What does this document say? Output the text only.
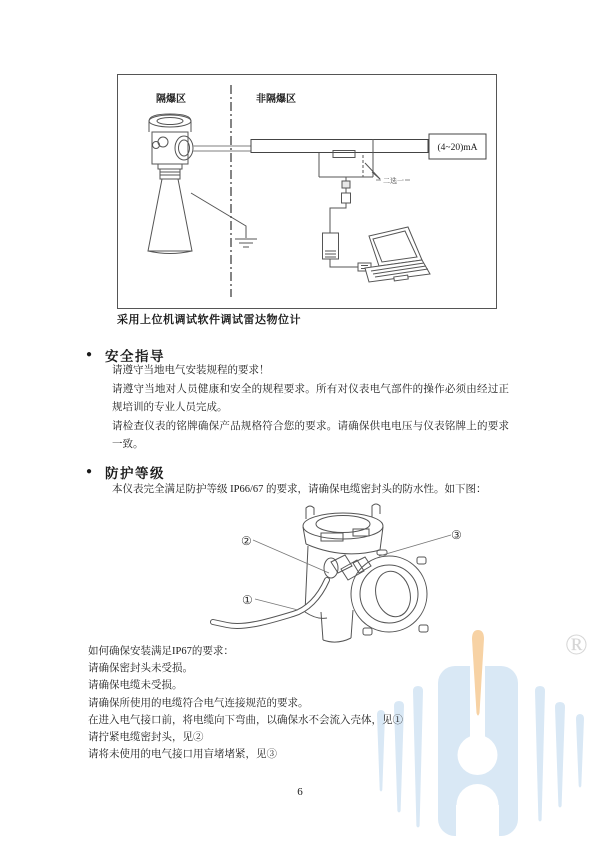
®
隔爆区	非隔爆区
(4~20)mA
二选一
采用上位机调试软件调试雷达物位计
● 安全指导

请遵守当地电气安装规程的要求！

请遵守当地对人员健康和安全的规程要求。所有对仪表电气部件的操作必须由经过正规培训的专业人员完成。

请检查仪表的铭牌确保产品规格符合您的要求。请确保供电电压与仪表铭牌上的要求一致。

● 防护等级

本仪表完全满足防护等级 IP66/67 的要求，请确保电缆密封头的防水性。如下图：

②
①
③

如何确保安装满足IP67的要求：

请确保密封头未受损。

请确保电缆未受损。

请确保所使用的电缆符合电气连接规范的要求。

在进入电气接口前，将电缆向下弯曲，以确保水不会流入壳体，见①

请拧紧电缆密封头，见②

请将未使用的电气接口用盲堵堵紧，见③

6
